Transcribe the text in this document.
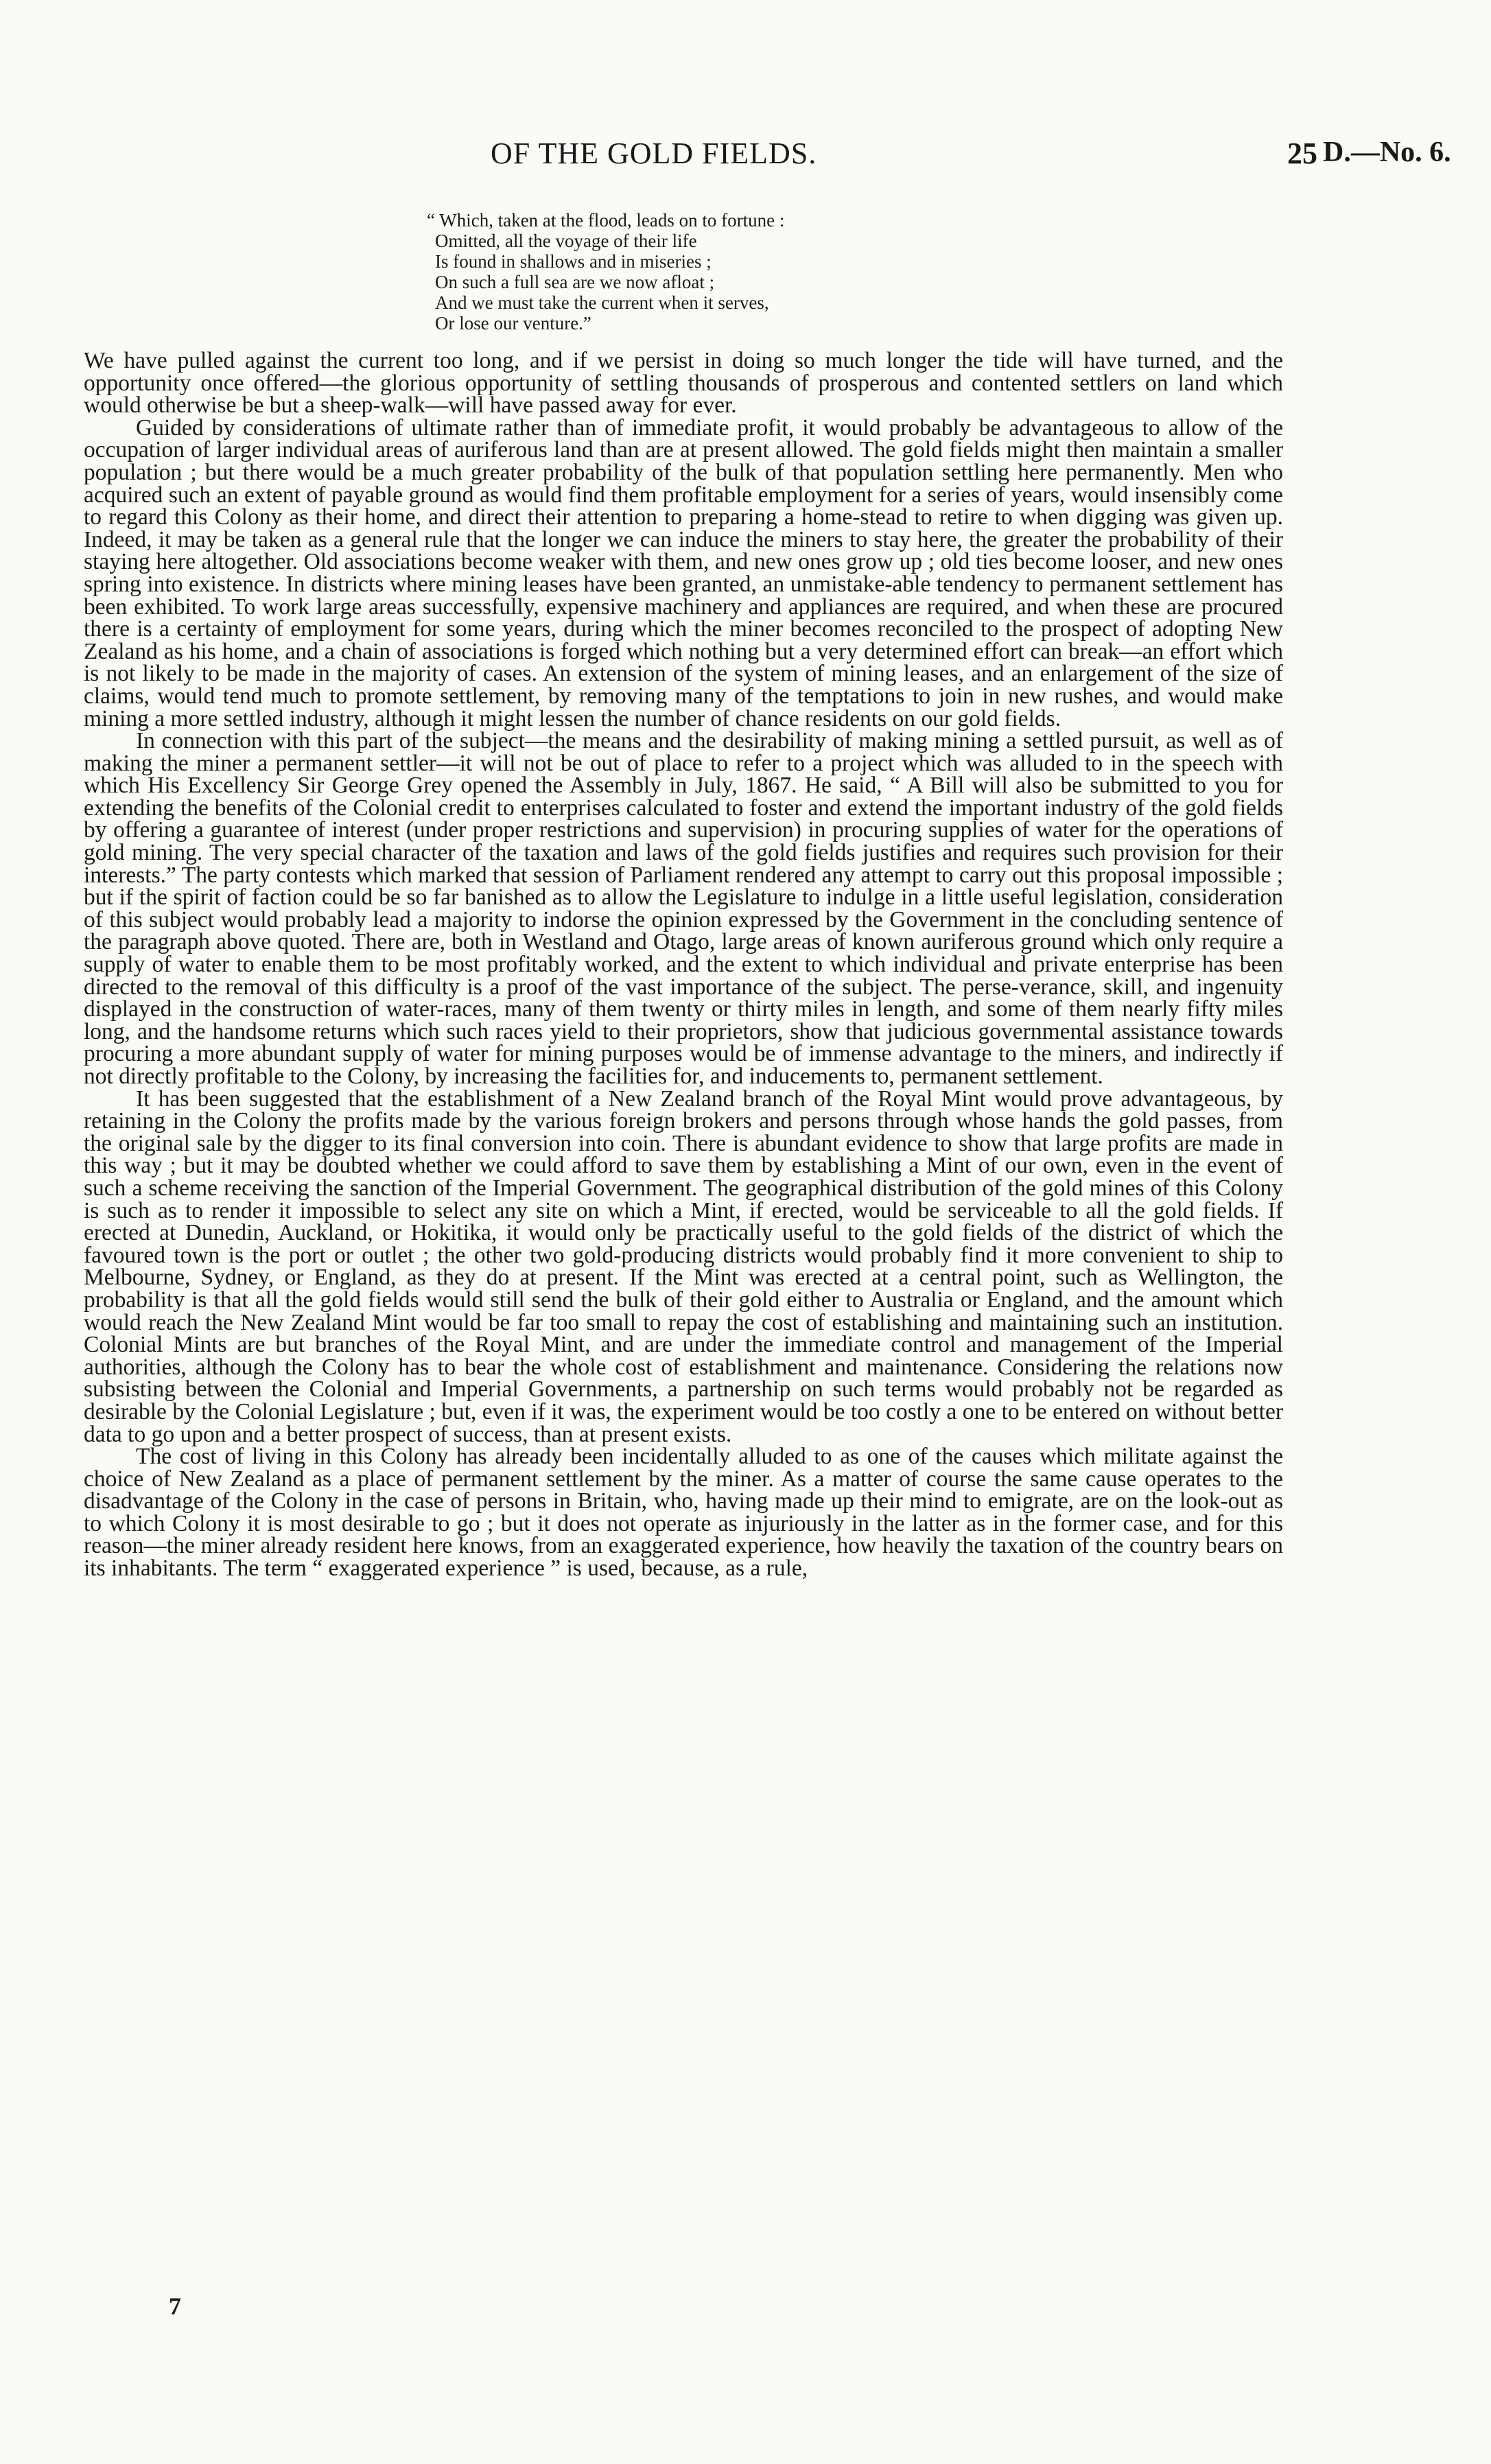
OF THE GOLD FIELDS.	25 D.—No. 6.
“ Which, taken at the flood, leads on to fortune :
Omitted, all the voyage of their life
Is found in shallows and in miseries ;
On such a full sea are we now afloat ;
And we must take the current when it serves,
Or lose our venture.”

We have pulled against the current too long, and if we persist in doing so much longer the tide will have turned, and the opportunity once offered—the glorious opportunity of settling thousands of prosperous and contented settlers on land which would otherwise be but a sheep-walk—will have passed away for ever.

Guided by considerations of ultimate rather than of immediate profit, it would probably be advantageous to allow of the occupation of larger individual areas of auriferous land than are at present allowed. The gold fields might then maintain a smaller population ; but there would be a much greater probability of the bulk of that population settling here permanently. Men who acquired such an extent of payable ground as would find them profitable employment for a series of years, would insensibly come to regard this Colony as their home, and direct their attention to preparing a home-stead to retire to when digging was given up. Indeed, it may be taken as a general rule that the longer we can induce the miners to stay here, the greater the probability of their staying here altogether. Old associations become weaker with them, and new ones grow up ; old ties become looser, and new ones spring into existence. In districts where mining leases have been granted, an unmistake-able tendency to permanent settlement has been exhibited. To work large areas successfully, expensive machinery and appliances are required, and when these are procured there is a certainty of employment for some years, during which the miner becomes reconciled to the prospect of adopting New Zealand as his home, and a chain of associations is forged which nothing but a very determined effort can break—an effort which is not likely to be made in the majority of cases. An extension of the system of mining leases, and an enlargement of the size of claims, would tend much to promote settlement, by removing many of the temptations to join in new rushes, and would make mining a more settled industry, although it might lessen the number of chance residents on our gold fields.

In connection with this part of the subject—the means and the desirability of making mining a settled pursuit, as well as of making the miner a permanent settler—it will not be out of place to refer to a project which was alluded to in the speech with which His Excellency Sir George Grey opened the Assembly in July, 1867. He said, “ A Bill will also be submitted to you for extending the benefits of the Colonial credit to enterprises calculated to foster and extend the important industry of the gold fields by offering a guarantee of interest (under proper restrictions and supervision) in procuring supplies of water for the operations of gold mining. The very special character of the taxation and laws of the gold fields justifies and requires such provision for their interests.” The party contests which marked that session of Parliament rendered any attempt to carry out this proposal impossible ; but if the spirit of faction could be so far banished as to allow the Legislature to indulge in a little useful legislation, consideration of this subject would probably lead a majority to indorse the opinion expressed by the Government in the concluding sentence of the paragraph above quoted. There are, both in Westland and Otago, large areas of known auriferous ground which only require a supply of water to enable them to be most profitably worked, and the extent to which individual and private enterprise has been directed to the removal of this difficulty is a proof of the vast importance of the subject. The perse-verance, skill, and ingenuity displayed in the construction of water-races, many of them twenty or thirty miles in length, and some of them nearly fifty miles long, and the handsome returns which such races yield to their proprietors, show that judicious governmental assistance towards procuring a more abundant supply of water for mining purposes would be of immense advantage to the miners, and indirectly if not directly profitable to the Colony, by increasing the facilities for, and inducements to, permanent settlement.

It has been suggested that the establishment of a New Zealand branch of the Royal Mint would prove advantageous, by retaining in the Colony the profits made by the various foreign brokers and persons through whose hands the gold passes, from the original sale by the digger to its final conversion into coin. There is abundant evidence to show that large profits are made in this way ; but it may be doubted whether we could afford to save them by establishing a Mint of our own, even in the event of such a scheme receiving the sanction of the Imperial Government. The geographical distribution of the gold mines of this Colony is such as to render it impossible to select any site on which a Mint, if erected, would be serviceable to all the gold fields. If erected at Dunedin, Auckland, or Hokitika, it would only be practically useful to the gold fields of the district of which the favoured town is the port or outlet ; the other two gold-producing districts would probably find it more convenient to ship to Melbourne, Sydney, or England, as they do at present. If the Mint was erected at a central point, such as Wellington, the probability is that all the gold fields would still send the bulk of their gold either to Australia or England, and the amount which would reach the New Zealand Mint would be far too small to repay the cost of establishing and maintaining such an institution. Colonial Mints are but branches of the Royal Mint, and are under the immediate control and management of the Imperial authorities, although the Colony has to bear the whole cost of establishment and maintenance. Considering the relations now subsisting between the Colonial and Imperial Governments, a partnership on such terms would probably not be regarded as desirable by the Colonial Legislature ; but, even if it was, the experiment would be too costly a one to be entered on without better data to go upon and a better prospect of success, than at present exists.

The cost of living in this Colony has already been incidentally alluded to as one of the causes which militate against the choice of New Zealand as a place of permanent settlement by the miner. As a matter of course the same cause operates to the disadvantage of the Colony in the case of persons in Britain, who, having made up their mind to emigrate, are on the look-out as to which Colony it is most desirable to go ; but it does not operate as injuriously in the latter as in the former case, and for this reason—the miner already resident here knows, from an exaggerated experience, how heavily the taxation of the country bears on its inhabitants. The term “ exaggerated experience ” is used, because, as a rule,

7
